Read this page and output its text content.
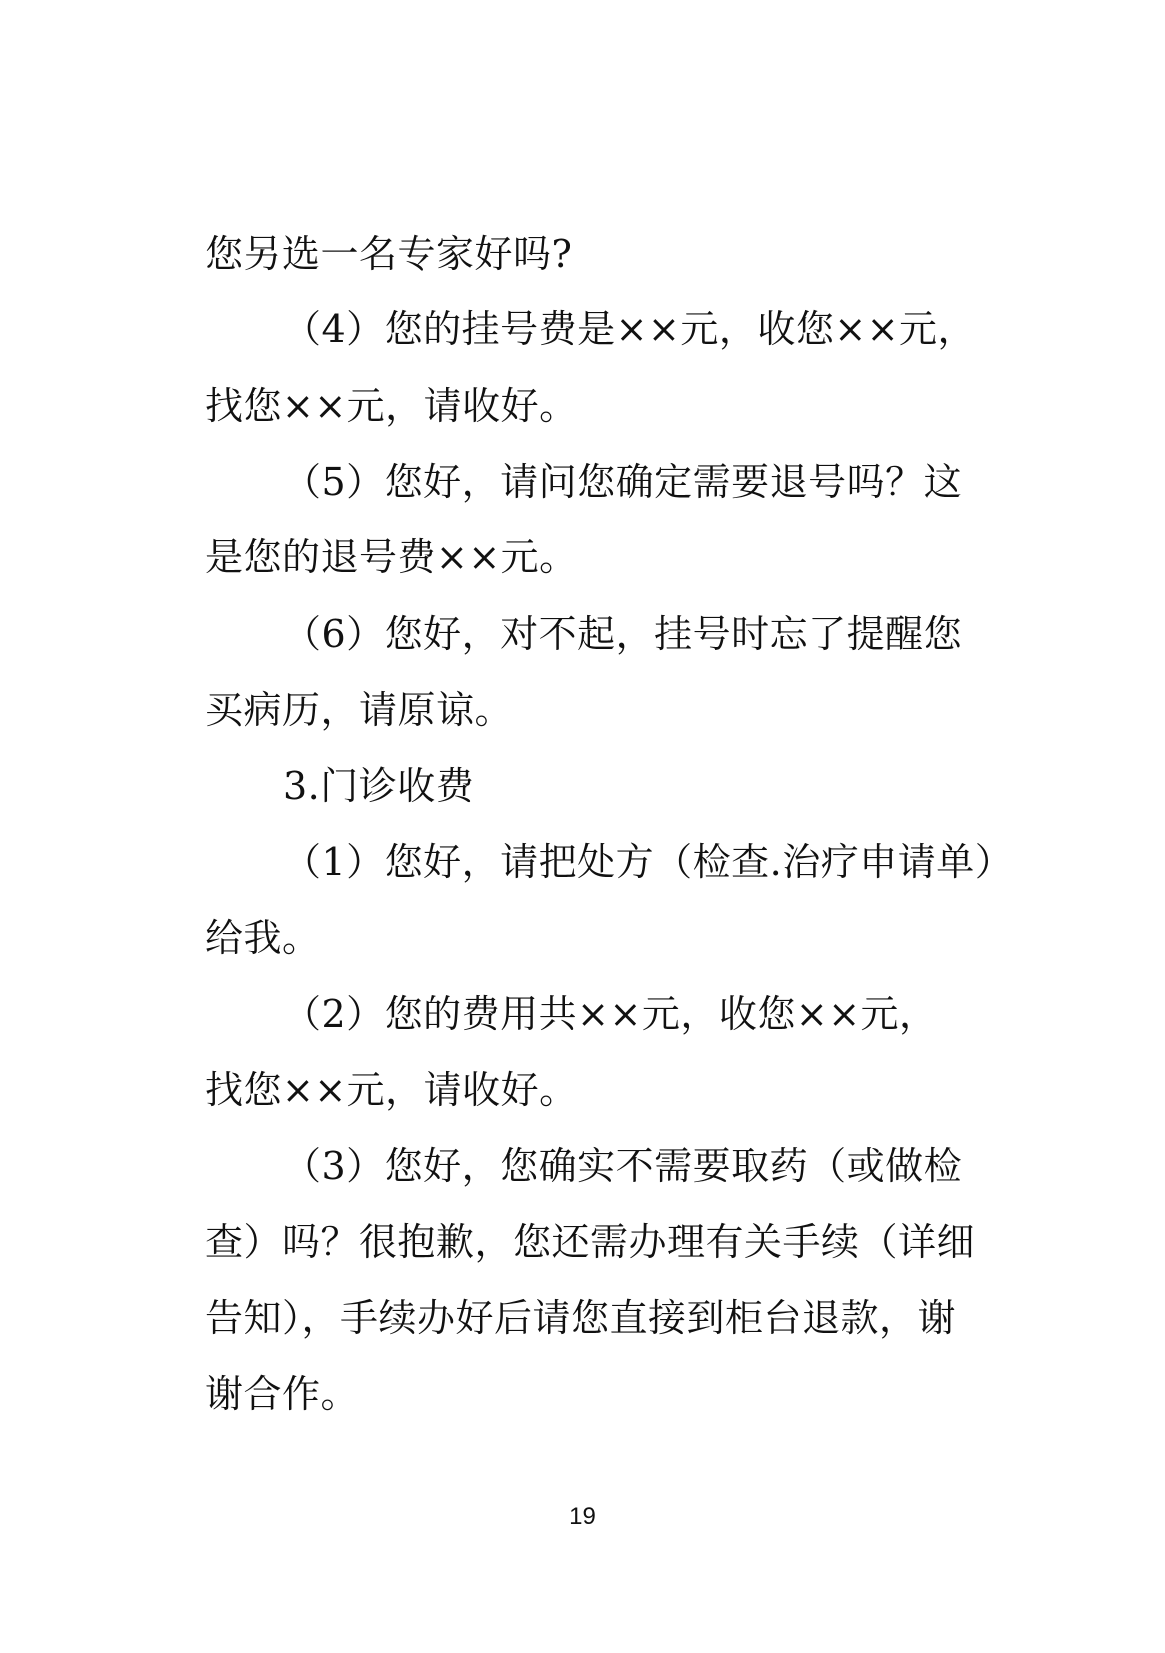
您另选一名专家好吗?
（4）您的挂号费是××元，收您××元，
找您××元，请收好。
（5）您好，请问您确定需要退号吗？这
是您的退号费××元。
（6）您好，对不起，挂号时忘了提醒您
买病历，请原谅。
3.门诊收费
（1）您好，请把处方（检查.治疗申请单）
给我。
（2）您的费用共××元，收您××元，
找您××元，请收好。
（3）您好，您确实不需要取药（或做检
查）吗？很抱歉，您还需办理有关手续（详细
告知），手续办好后请您直接到柜台退款，谢
谢合作。
19
